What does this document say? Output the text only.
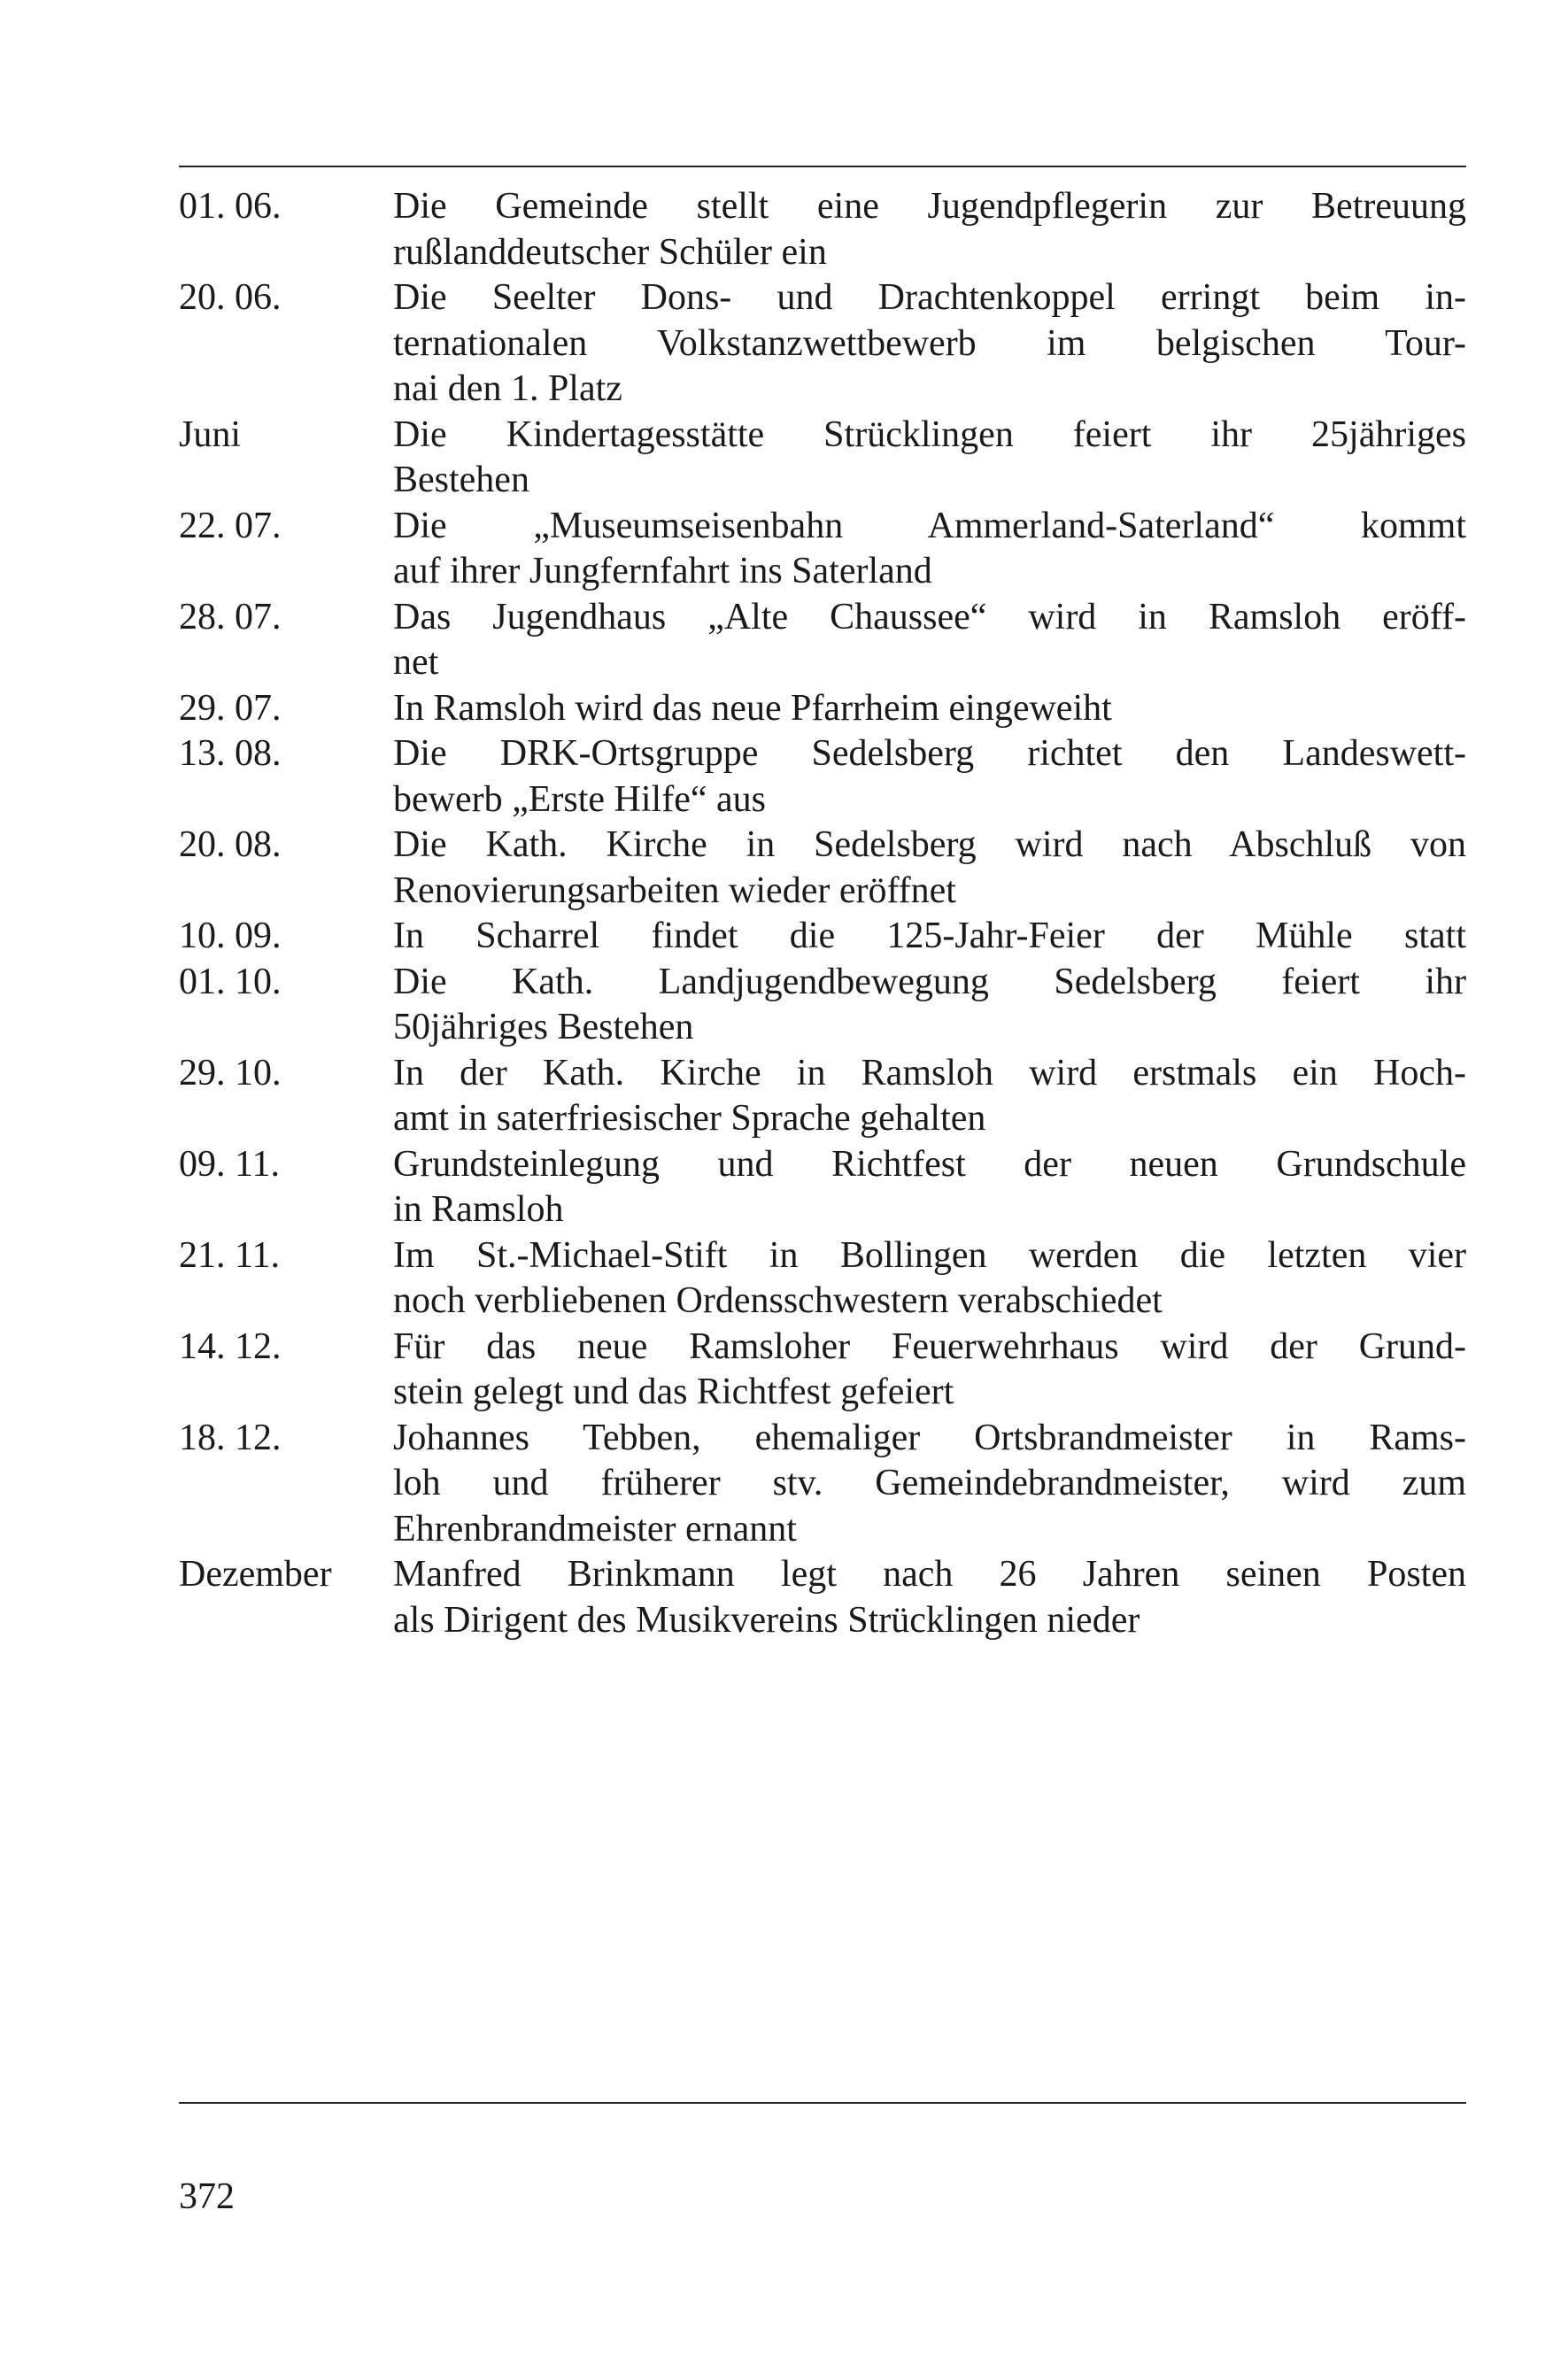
01. 06.	Die Gemeinde stellt eine Jugendpflegerin zur Betreuung
rußlanddeutscher Schüler ein
20. 06.	Die Seelter Dons- und Drachtenkoppel erringt beim in-
ternationalen Volkstanzwettbewerb im belgischen Tour-
nai den 1. Platz
Juni	Die Kindertagesstätte Strücklingen feiert ihr 25jähriges
Bestehen
22. 07.	Die „Museumseisenbahn Ammerland-Saterland“ kommt
auf ihrer Jungfernfahrt ins Saterland
28. 07.	Das Jugendhaus „Alte Chaussee“ wird in Ramsloh eröff-
net
29. 07.	In Ramsloh wird das neue Pfarrheim eingeweiht
13. 08.	Die DRK-Ortsgruppe Sedelsberg richtet den Landeswett-
bewerb „Erste Hilfe“ aus
20. 08.	Die Kath. Kirche in Sedelsberg wird nach Abschluß von
Renovierungsarbeiten wieder eröffnet
10. 09.	In Scharrel findet die 125-Jahr-Feier der Mühle statt
01. 10.	Die Kath. Landjugendbewegung Sedelsberg feiert ihr
50jähriges Bestehen
29. 10.	In der Kath. Kirche in Ramsloh wird erstmals ein Hoch-
amt in saterfriesischer Sprache gehalten
09. 11.	Grundsteinlegung und Richtfest der neuen Grundschule
in Ramsloh
21. 11.	Im St.-Michael-Stift in Bollingen werden die letzten vier
noch verbliebenen Ordensschwestern verabschiedet
14. 12.	Für das neue Ramsloher Feuerwehrhaus wird der Grund-
stein gelegt und das Richtfest gefeiert
18. 12.	Johannes Tebben, ehemaliger Ortsbrandmeister in Rams-
loh und früherer stv. Gemeindebrandmeister, wird zum
Ehrenbrandmeister ernannt
Dezember	Manfred Brinkmann legt nach 26 Jahren seinen Posten
als Dirigent des Musikvereins Strücklingen nieder
372
